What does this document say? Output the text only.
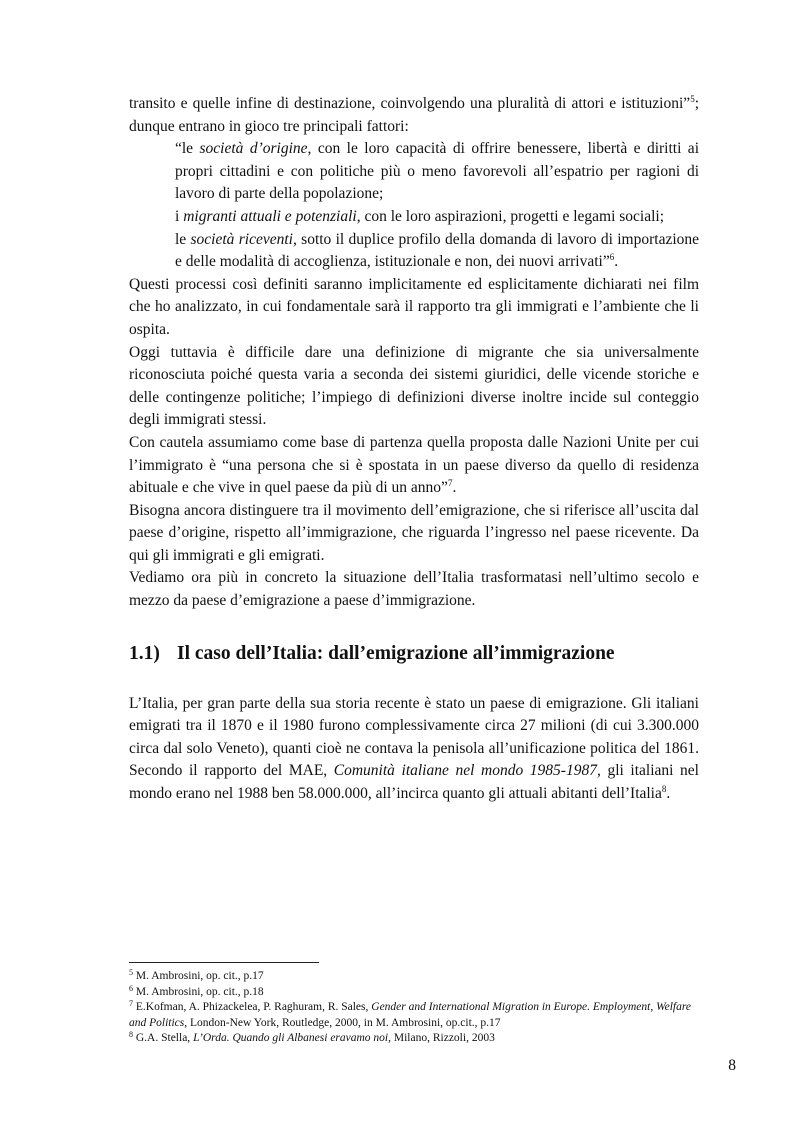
transito e quelle infine di destinazione, coinvolgendo una pluralità di attori e istituzioni”$^5$; dunque entrano in gioco tre principali fattori:

“le società d’origine, con le loro capacità di offrire benessere, libertà e diritti ai propri cittadini e con politiche più o meno favorevoli all’espatrio per ragioni di lavoro di parte della popolazione;

i migranti attuali e potenziali, con le loro aspirazioni, progetti e legami sociali;

le società riceventi, sotto il duplice profilo della domanda di lavoro di importazione e delle modalità di accoglienza, istituzionale e non, dei nuovi arrivati”$^6$.

Questi processi così definiti saranno implicitamente ed esplicitamente dichiarati nei film che ho analizzato, in cui fondamentale sarà il rapporto tra gli immigrati e l’ambiente che li ospita.

Oggi tuttavia è difficile dare una definizione di migrante che sia universalmente riconosciuta poiché questa varia a seconda dei sistemi giuridici, delle vicende storiche e delle contingenze politiche; l’impiego di definizioni diverse inoltre incide sul conteggio degli immigrati stessi.

Con cautela assumiamo come base di partenza quella proposta dalle Nazioni Unite per cui l’immigrato è “una persona che si è spostata in un paese diverso da quello di residenza abituale e che vive in quel paese da più di un anno”$^7$.

Bisogna ancora distinguere tra il movimento dell’emigrazione, che si riferisce all’uscita dal paese d’origine, rispetto all’immigrazione, che riguarda l’ingresso nel paese ricevente. Da qui gli immigrati e gli emigrati.

Vediamo ora più in concreto la situazione dell’Italia trasformatasi nell’ultimo secolo e mezzo da paese d’emigrazione a paese d’immigrazione.

1.1) Il caso dell’Italia: dall’emigrazione all’immigrazione

L’Italia, per gran parte della sua storia recente è stato un paese di emigrazione. Gli italiani emigrati tra il 1870 e il 1980 furono complessivamente circa 27 milioni (di cui 3.300.000 circa dal solo Veneto), quanti cioè ne contava la penisola all’unificazione politica del 1861. Secondo il rapporto del MAE, Comunità italiane nel mondo 1985-1987, gli italiani nel mondo erano nel 1988 ben 58.000.000, all’incirca quanto gli attuali abitanti dell’Italia$^8$.

$^5$ M. Ambrosini, op. cit., p.17

$^6$ M. Ambrosini, op. cit., p.18

$^7$ E.Kofman, A. Phizackelea, P. Raghuram, R. Sales, Gender and International Migration in Europe. Employment, Welfare and Politics, London-New York, Routledge, 2000, in M. Ambrosini, op.cit., p.17

$^8$ G.A. Stella, L’Orda. Quando gli Albanesi eravamo noi, Milano, Rizzoli, 2003

8
